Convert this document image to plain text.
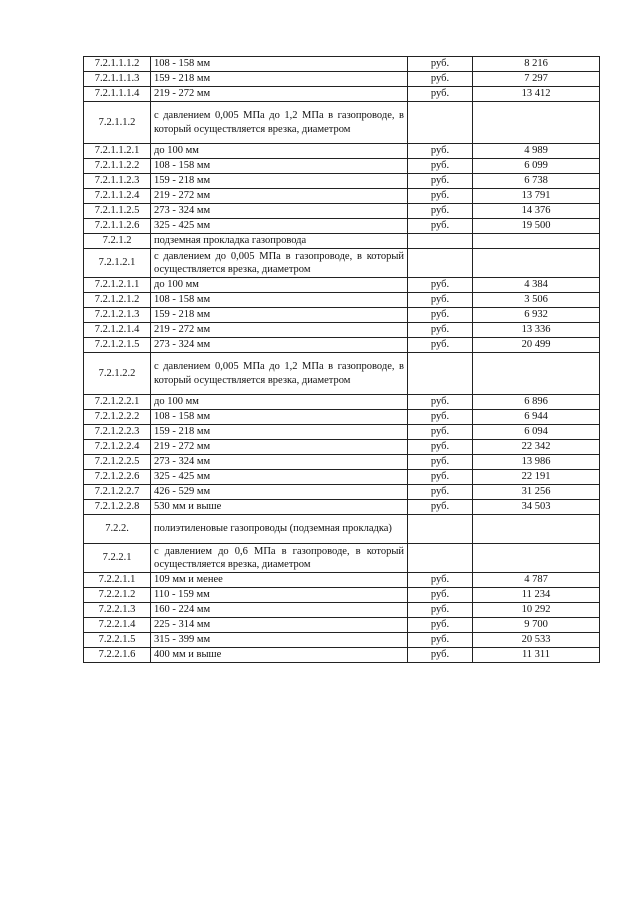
7.2.1.1.1.2	108 - 158 мм	руб.	8 216
7.2.1.1.1.3	159 - 218 мм	руб.	7 297
7.2.1.1.1.4	219 - 272 мм	руб.	13 412
7.2.1.1.2	с давлением 0,005 МПа до 1,2 МПа в газопроводе, в который осуществляется врезка, диаметром		
7.2.1.1.2.1	до 100 мм	руб.	4 989
7.2.1.1.2.2	108 - 158 мм	руб.	6 099
7.2.1.1.2.3	159 - 218 мм	руб.	6 738
7.2.1.1.2.4	219 - 272 мм	руб.	13 791
7.2.1.1.2.5	273 - 324 мм	руб.	14 376
7.2.1.1.2.6	325 - 425 мм	руб.	19 500
7.2.1.2	подземная прокладка газопровода		
7.2.1.2.1	с давлением до 0,005 МПа в газопроводе, в который осуществляется врезка, диаметром		
7.2.1.2.1.1	до 100 мм	руб.	4 384
7.2.1.2.1.2	108 - 158 мм	руб.	3 506
7.2.1.2.1.3	159 - 218 мм	руб.	6 932
7.2.1.2.1.4	219 - 272 мм	руб.	13 336
7.2.1.2.1.5	273 - 324 мм	руб.	20 499
7.2.1.2.2	с давлением 0,005 МПа до 1,2 МПа в газопроводе, в который осуществляется врезка, диаметром		
7.2.1.2.2.1	до 100 мм	руб.	6 896
7.2.1.2.2.2	108 - 158 мм	руб.	6 944
7.2.1.2.2.3	159 - 218 мм	руб.	6 094
7.2.1.2.2.4	219 - 272 мм	руб.	22 342
7.2.1.2.2.5	273 - 324 мм	руб.	13 986
7.2.1.2.2.6	325 - 425 мм	руб.	22 191
7.2.1.2.2.7	426 - 529 мм	руб.	31 256
7.2.1.2.2.8	530 мм и выше	руб.	34 503
7.2.2.	полиэтиленовые газопроводы (подземная прокладка)		
7.2.2.1	с давлением до 0,6 МПа в газопроводе, в который осуществляется врезка, диаметром		
7.2.2.1.1	109 мм и менее	руб.	4 787
7.2.2.1.2	110 - 159 мм	руб.	11 234
7.2.2.1.3	160 - 224 мм	руб.	10 292
7.2.2.1.4	225 - 314 мм	руб.	9 700
7.2.2.1.5	315 - 399 мм	руб.	20 533
7.2.2.1.6	400 мм и выше	руб.	11 311
